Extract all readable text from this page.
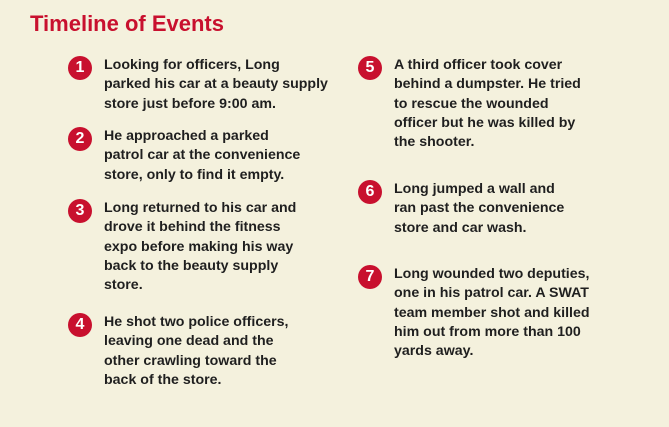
Timeline of Events
1	Looking for officers, Long
parked his car at a beauty supply
store just before 9:00 am.
2	He approached a parked
patrol car at the convenience
store, only to find it empty.
3	Long returned to his car and
drove it behind the fitness
expo before making his way
back to the beauty supply
store.
4	He shot two police officers,
leaving one dead and the
other crawling toward the
back of the store.
5	A third officer took cover
behind a dumpster. He tried
to rescue the wounded
officer but he was killed by
the shooter.
6	Long jumped a wall and
ran past the convenience
store and car wash.
7	Long wounded two deputies,
one in his patrol car. A SWAT
team member shot and killed
him out from more than 100
yards away.
